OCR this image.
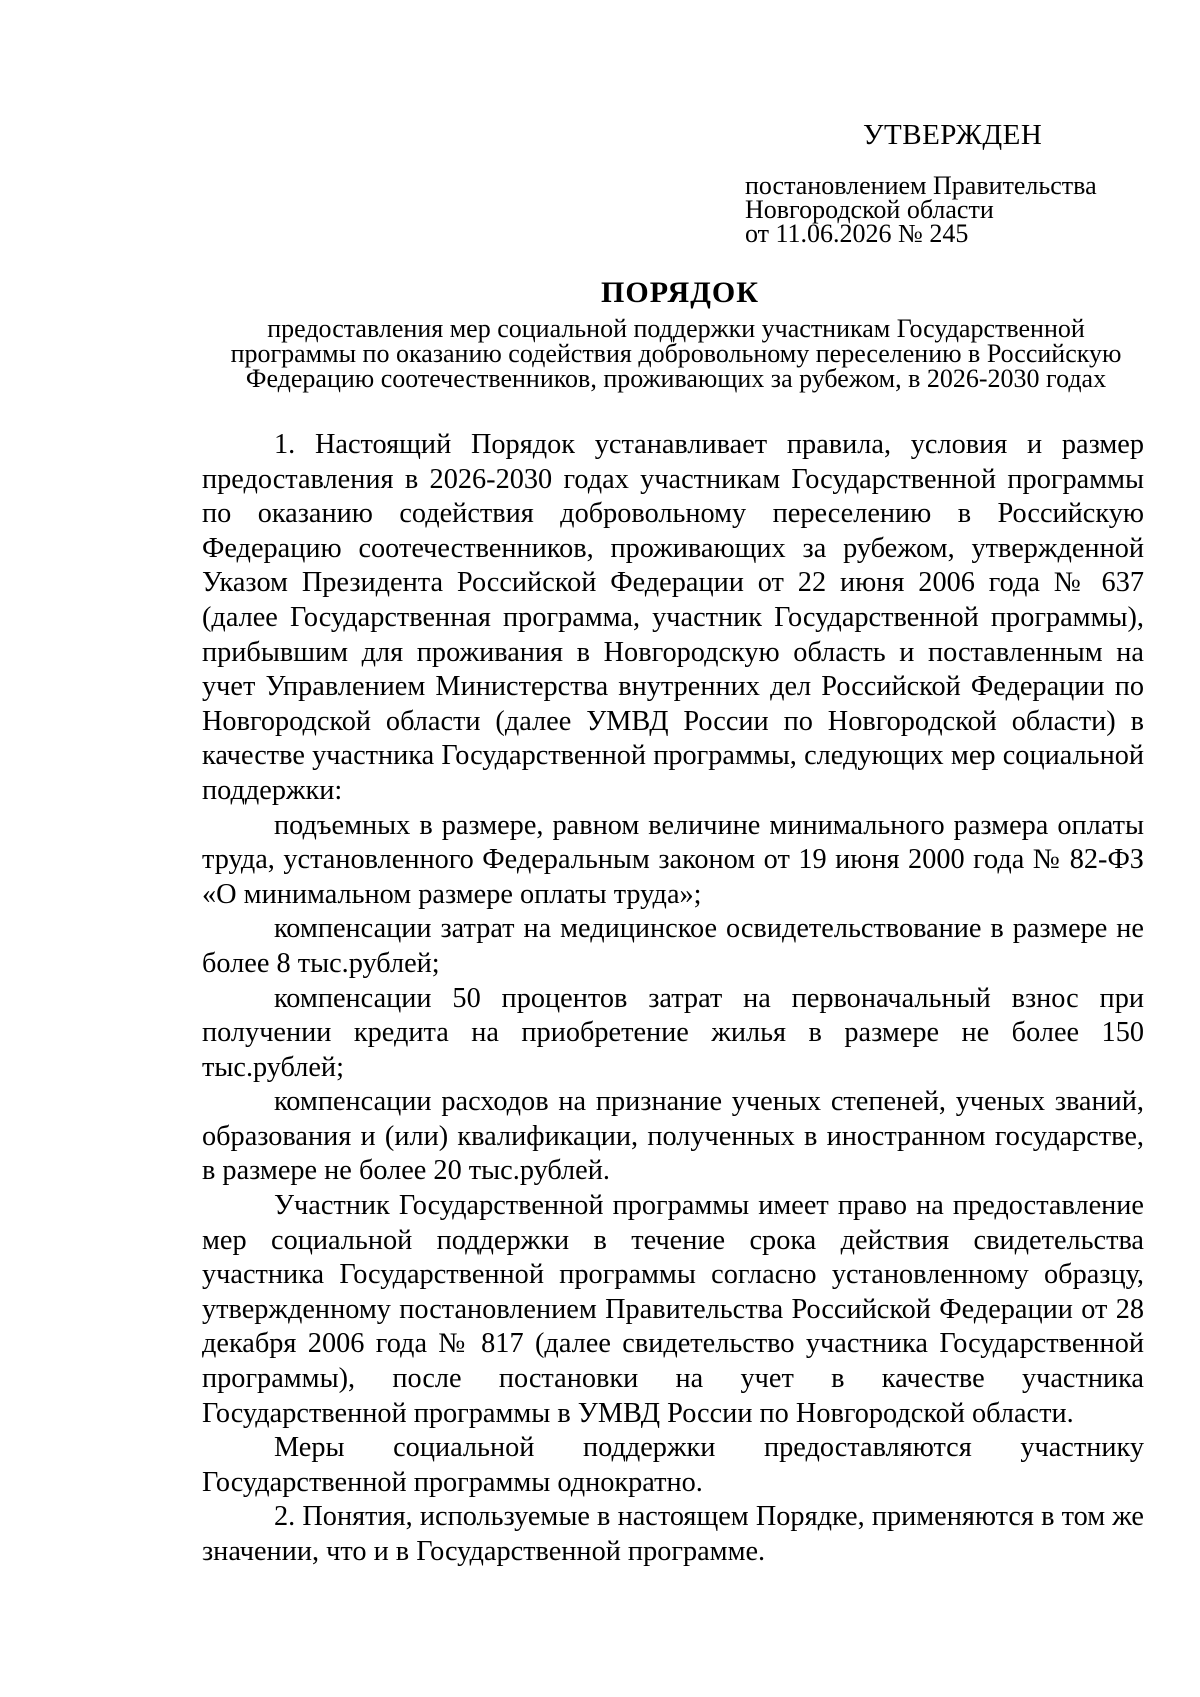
УТВЕРЖДЕН
постановлением Правительства
Новгородской области
от 11.06.2026 № 245
ПОРЯДОК
предоставления мер социальной поддержки участникам Государственной
программы по оказанию содействия добровольному переселению в Российскую
Федерацию соотечественников, проживающих за рубежом, в 2026-2030 годах

1. Настоящий Порядок устанавливает правила, условия и размер предоставления в 2026-2030 годах участникам Государственной программы по оказанию содействия добровольному переселению в Российскую Федерацию соотечественников, проживающих за рубежом, утвержденной Указом Президента Российской Федерации от 22 июня 2006 года № 637 (далее Государственная программа, участник Государственной программы), прибывшим для проживания в Новгородскую область и поставленным на учет Управлением Министерства внутренних дел Российской Федерации по Новгородской области (далее УМВД России по Новгородской области) в качестве участника Государственной программы, следующих мер социальной поддержки:

подъемных в размере, равном величине минимального размера оплаты труда, установленного Федеральным законом от 19 июня 2000 года № 82-ФЗ «О минимальном размере оплаты труда»;

компенсации затрат на медицинское освидетельствование в размере не более 8 тыс.рублей;

компенсации 50 процентов затрат на первоначальный взнос при получении кредита на приобретение жилья в размере не более 150 тыс.рублей;

компенсации расходов на признание ученых степеней, ученых званий, образования и (или) квалификации, полученных в иностранном государстве, в размере не более 20 тыс.рублей.

Участник Государственной программы имеет право на предоставление мер социальной поддержки в течение срока действия свидетельства участника Государственной программы согласно установленному образцу, утвержденному постановлением Правительства Российской Федерации от 28 декабря 2006 года № 817 (далее свидетельство участника Государственной программы), после постановки на учет в качестве участника Государственной программы в УМВД России по Новгородской области.

Меры социальной поддержки предоставляются участнику Государственной программы однократно.

2. Понятия, используемые в настоящем Порядке, применяются в том же значении, что и в Государственной программе.
